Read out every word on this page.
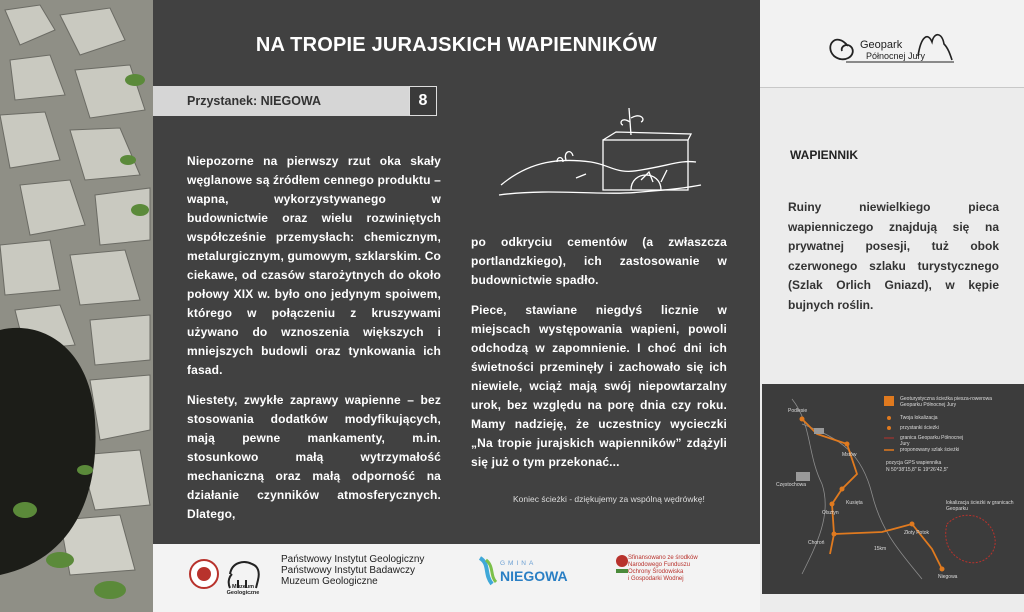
NA TROPIE JURAJSKICH WAPIENNIKÓW
Przystanek: NIEGOWA	8

Niepozorne na pierwszy rzut oka skały węglanowe są źródłem cennego produktu – wapna, wykorzystywanego w budownictwie oraz wielu rozwiniętych współcześnie przemysłach: chemicznym, metalurgicznym, gumowym, szklarskim. Co ciekawe, od czasów starożytnych do około połowy XIX w. było ono jedynym spoiwem, którego w połączeniu z kruszywami używano do wznoszenia większych i mniejszych budowli oraz tynkowania ich fasad.

Niestety, zwykłe zaprawy wapienne – bez stosowania dodatków modyfikujących, mają pewne mankamenty, m.in. stosunkowo małą wytrzymałość mechaniczną oraz małą odporność na działanie czynników atmosferycznych. Dlatego,

po odkryciu cementów (a zwłaszcza portlandzkiego), ich zastosowanie w budownictwie spadło.

Piece, stawiane niegdyś licznie w miejscach występowania wapieni, powoli odchodzą w zapomnienie. I choć dni ich świetności przeminęły i zachowało się ich niewiele, wciąż mają swój niepowtarzalny urok, bez względu na porę dnia czy roku. Mamy nadzieję, że uczestnicy wycieczki „Na tropie jurajskich wapienników” zdążyli się już o tym przekonać...

Koniec ścieżki - dziękujemy za wspólną wędrówkę!
Geopark
Północnej Jury
WAPIENNIK
Ruiny niewielkiego pieca wapienniczego znajdują się na prywatnej posesji, tuż obok czerwonego szlaku turystycznego (Szlak Orlich Gniazd), w kępie bujnych roślin.
Geoturystyczna ścieżka piesza-rowerowa Geoparku Północnej Jury
Twoja lokalizacja
przystanki ścieżki
granica Geoparku Północnej Jury
proponowany szlak ścieżki
pozycja GPS wapiennika
N 50°38'15,8" E 19°26'42,5"
Podlesie
Mstów
Częstochowa
Kusięta
Olsztyn
Choroń
Złoty Potok
Niegowa
15km
lokalizacja ścieżki w granicach Geoparku
Muzeum Geologiczne
Państwowy Instytut Geologiczny
Państwowy Instytut Badawczy
Muzeum Geologiczne
GMINA
NIEGOWA
Sfinansowano ze środków
Narodowego Funduszu
Ochrony Środowiska
i Gospodarki Wodnej
